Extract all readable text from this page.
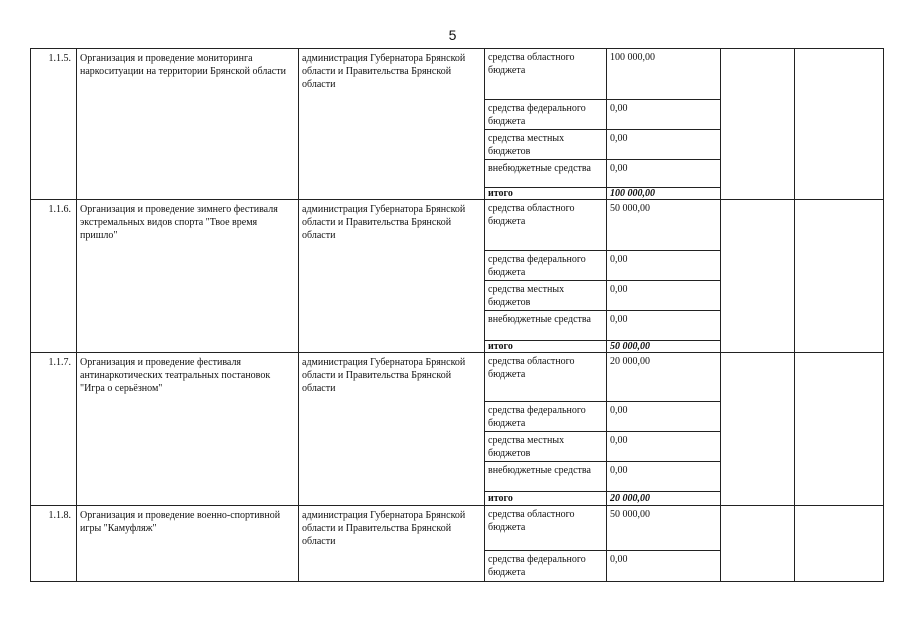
5
1.1.5. Организация и проведение мониторинга наркоситуации на территории Брянской области
администрация Губернатора Брянской области и Правительства Брянской области
средства областного бюджета
средства федерального бюджета
средства местных бюджетов
внебюджетные средства
итого
100 000,00
0,00
0,00
0,00
100 000,00
1.1.6. Организация и проведение зимнего фестиваля экстремальных видов спорта "Твое время пришло"
администрация Губернатора Брянской области и Правительства Брянской области
средства областного бюджета
средства федерального бюджета
средства местных бюджетов
внебюджетные средства
итого
50 000,00
0,00
0,00
0,00
50 000,00
1.1.7. Организация и проведение фестиваля антинаркотических театральных постановок "Игра о серьёзном"
администрация Губернатора Брянской области и Правительства Брянской области
средства областного бюджета
средства федерального бюджета
средства местных бюджетов
внебюджетные средства
итого
20 000,00
0,00
0,00
0,00
20 000,00
1.1.8. Организация и проведение военно-спортивной игры "Камуфляж"
администрация Губернатора Брянской области и Правительства Брянской области
средства областного бюджета
средства федерального бюджета
50 000,00
0,00
